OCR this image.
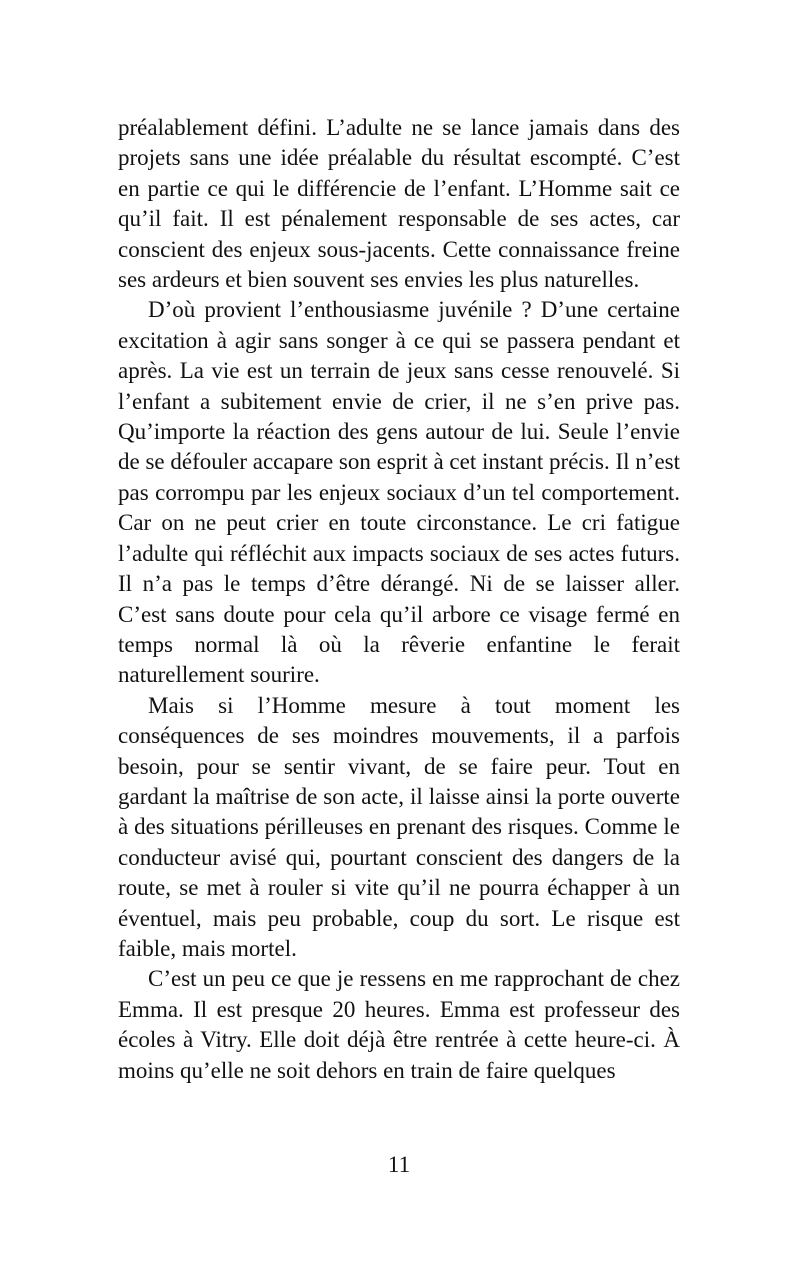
préalablement défini. L’adulte ne se lance jamais dans des projets sans une idée préalable du résultat escompté. C’est en partie ce qui le différencie de l’enfant. L’Homme sait ce qu’il fait. Il est pénalement responsable de ses actes, car conscient des enjeux sous-jacents. Cette connaissance freine ses ardeurs et bien souvent ses envies les plus naturelles.

D’où provient l’enthousiasme juvénile ? D’une certaine excitation à agir sans songer à ce qui se passera pendant et après. La vie est un terrain de jeux sans cesse renouvelé. Si l’enfant a subitement envie de crier, il ne s’en prive pas. Qu’importe la réaction des gens autour de lui. Seule l’envie de se défouler accapare son esprit à cet instant précis. Il n’est pas corrompu par les enjeux sociaux d’un tel comportement. Car on ne peut crier en toute circonstance. Le cri fatigue l’adulte qui réfléchit aux impacts sociaux de ses actes futurs. Il n’a pas le temps d’être dérangé. Ni de se laisser aller. C’est sans doute pour cela qu’il arbore ce visage fermé en temps normal là où la rêverie enfantine le ferait naturellement sourire.

Mais si l’Homme mesure à tout moment les conséquences de ses moindres mouvements, il a parfois besoin, pour se sentir vivant, de se faire peur. Tout en gardant la maîtrise de son acte, il laisse ainsi la porte ouverte à des situations périlleuses en prenant des risques. Comme le conducteur avisé qui, pourtant conscient des dangers de la route, se met à rouler si vite qu’il ne pourra échapper à un éventuel, mais peu probable, coup du sort. Le risque est faible, mais mortel.

C’est un peu ce que je ressens en me rapprochant de chez Emma. Il est presque 20 heures. Emma est professeur des écoles à Vitry. Elle doit déjà être rentrée à cette heure-ci. À moins qu’elle ne soit dehors en train de faire quelques

11
